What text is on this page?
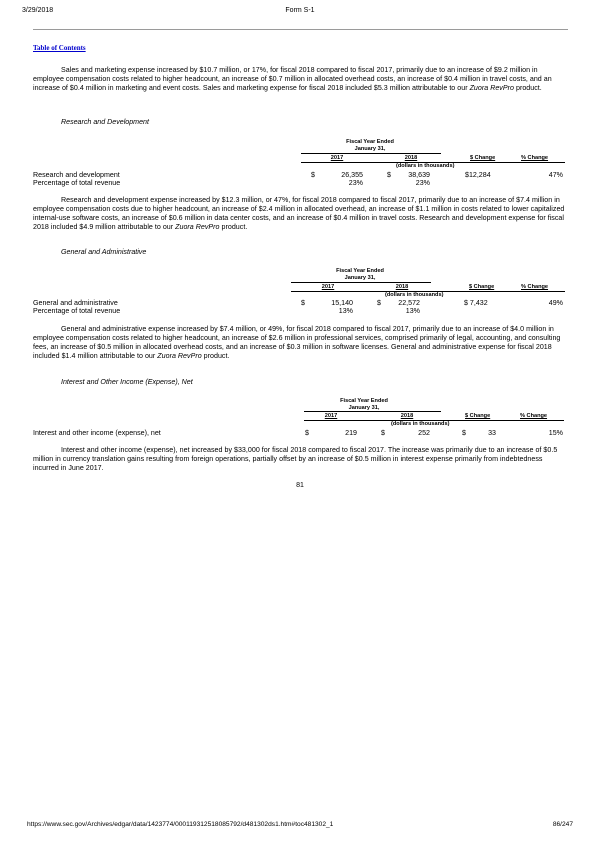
3/29/2018	Form S-1
Table of Contents

Sales and marketing expense increased by $10.7 million, or 17%, for fiscal 2018 compared to fiscal 2017, primarily due to an increase of $9.2 million in employee compensation costs related to higher headcount, an increase of $0.7 million in allocated overhead costs, an increase of $0.4 million in travel costs, and an increase of $0.4 million in marketing and event costs. Sales and marketing expense for fiscal 2018 included $5.3 million attributable to our Zuora RevPro product.

Research and Development
Fiscal Year Ended
January 31,
2017	2018	$ Change	% Change
(dollars in thousands)
Research and development	$	26,355	$	38,639	$12,284	47%
Percentage of total revenue	23%	23%

Research and development expense increased by $12.3 million, or 47%, for fiscal 2018 compared to fiscal 2017, primarily due to an increase of $7.4 million in employee compensation costs due to higher headcount, an increase of $2.4 million in allocated overhead, an increase of $1.1 million in costs related to lower capitalized internal-use software costs, an increase of $0.6 million in data center costs, and an increase of $0.4 million in travel costs. Research and development expense for fiscal 2018 included $4.9 million attributable to our Zuora RevPro product.

General and Administrative
Fiscal Year Ended
January 31,
2017	2018	$ Change	% Change
(dollars in thousands)
General and administrative	$	15,140	$	22,572	$ 7,432	49%
Percentage of total revenue	13%	13%

General and administrative expense increased by $7.4 million, or 49%, for fiscal 2018 compared to fiscal 2017, primarily due to an increase of $4.0 million in employee compensation costs related to higher headcount, an increase of $2.6 million in professional services, comprised primarily of legal, accounting, and consulting fees, an increase of $0.5 million in allocated overhead costs, and an increase of $0.3 million in software licenses. General and administrative expense for fiscal 2018 included $1.4 million attributable to our Zuora RevPro product.

Interest and Other Income (Expense), Net
Fiscal Year Ended
January 31,
2017	2018	$ Change	% Change
(dollars in thousands)
Interest and other income (expense), net	$	219	$	252	$	33	15%

Interest and other income (expense), net increased by $33,000 for fiscal 2018 compared to fiscal 2017. The increase was primarily due to an increase of $0.5 million in currency translation gains resulting from foreign operations, partially offset by an increase of $0.5 million in interest expense primarily from indebtedness incurred in June 2017.

81
https://www.sec.gov/Archives/edgar/data/1423774/000119312518085792/d481302ds1.htm#toc481302_1	86/247
